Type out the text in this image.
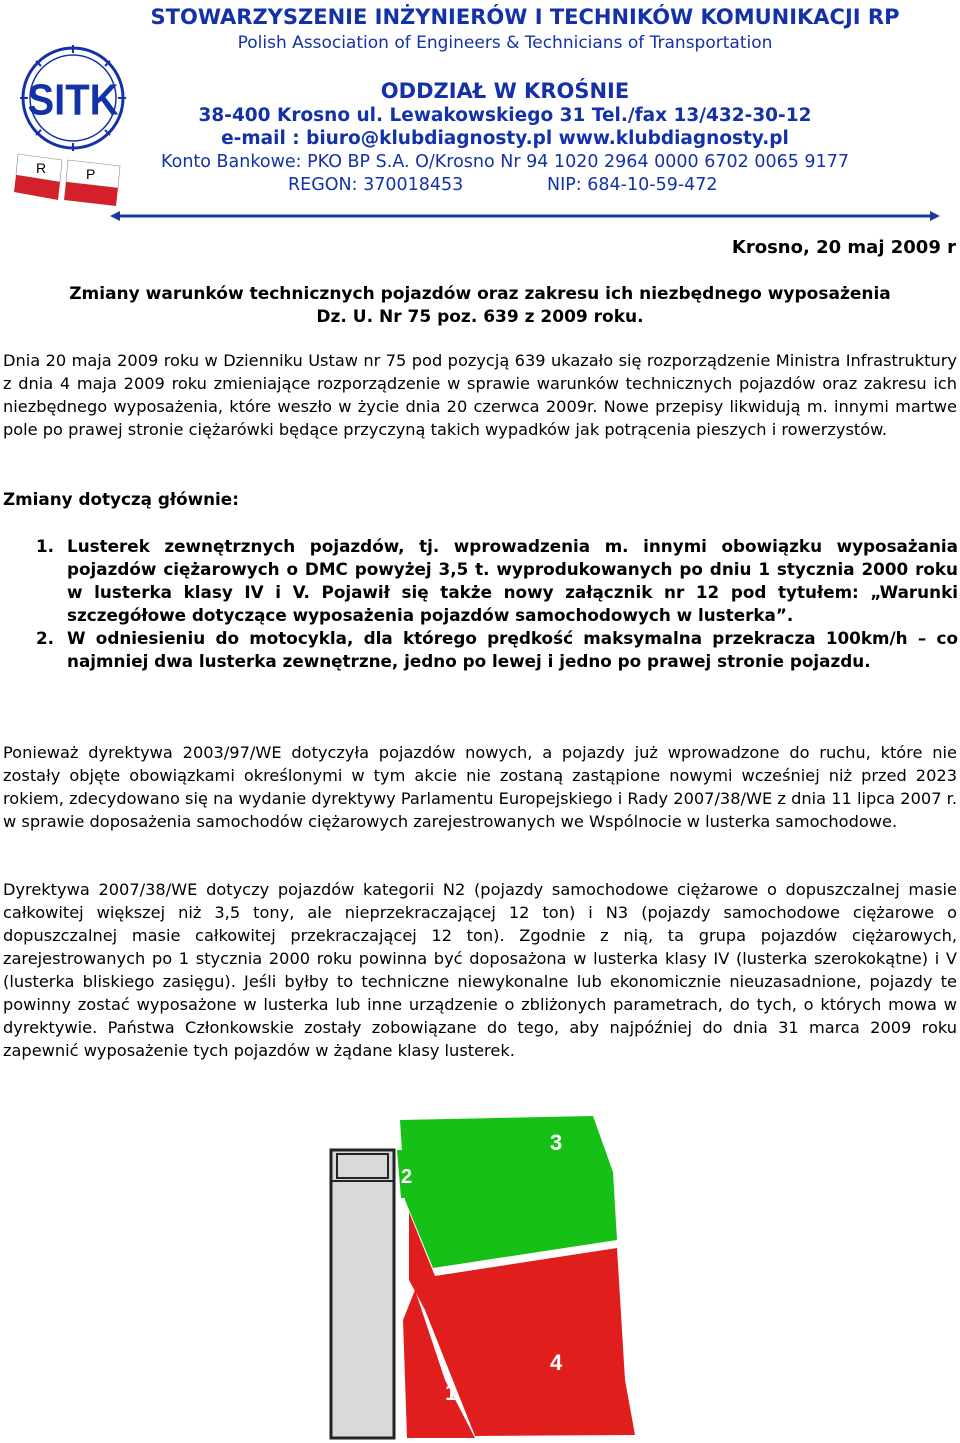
SITK
R	P
STOWARZYSZENIE INŻYNIERÓW I TECHNIKÓW KOMUNIKACJI RP
Polish Association of Engineers & Technicians of Transportation
ODDZIAŁ W KROŚNIE
38-400 Krosno ul. Lewakowskiego 31 Tel./fax 13/432-30-12
e-mail : biuro@klubdiagnosty.pl www.klubdiagnosty.pl
Konto Bankowe: PKO BP S.A. O/Krosno Nr 94 1020 2964 0000 6702 0065 9177
REGON: 370018453	NIP: 684-10-59-472
Krosno, 20 maj 2009 r
Zmiany warunków technicznych pojazdów oraz zakresu ich niezbędnego wyposażenia
Dz. U. Nr 75 poz. 639 z 2009 roku.
Dnia 20 maja 2009 roku w Dzienniku Ustaw nr 75 pod pozycją 639 ukazało się rozporządzenie Ministra Infrastruktury z dnia 4 maja 2009 roku zmieniające rozporządzenie w sprawie warunków technicznych pojazdów oraz zakresu ich niezbędnego wyposażenia, które weszło w życie dnia 20 czerwca 2009r. Nowe przepisy likwidują m. innymi martwe pole po prawej stronie ciężarówki będące przyczyną takich wypadków jak potrącenia pieszych i rowerzystów.
Zmiany dotyczą głównie:
1. Lusterek zewnętrznych pojazdów, tj. wprowadzenia m. innymi obowiązku wyposażania pojazdów ciężarowych o DMC powyżej 3,5 t. wyprodukowanych po dniu 1 stycznia 2000 roku w lusterka klasy IV i V. Pojawił się także nowy załącznik nr 12 pod tytułem: „Warunki szczegółowe dotyczące wyposażenia pojazdów samochodowych w lusterka”.
2. W odniesieniu do motocykla, dla którego prędkość maksymalna przekracza 100km/h – co najmniej dwa lusterka zewnętrzne, jedno po lewej i jedno po prawej stronie pojazdu.
Ponieważ dyrektywa 2003/97/WE dotyczyła pojazdów nowych, a pojazdy już wprowadzone do ruchu, które nie zostały objęte obowiązkami określonymi w tym akcie nie zostaną zastąpione nowymi wcześniej niż przed 2023 rokiem, zdecydowano się na wydanie dyrektywy Parlamentu Europejskiego i Rady 2007/38/WE z dnia 11 lipca 2007 r. w sprawie doposażenia samochodów ciężarowych zarejestrowanych we Wspólnocie w lusterka samochodowe.
Dyrektywa 2007/38/WE dotyczy pojazdów kategorii N2 (pojazdy samochodowe ciężarowe o dopuszczalnej masie całkowitej większej niż 3,5 tony, ale nieprzekraczającej 12 ton) i N3 (pojazdy samochodowe ciężarowe o dopuszczalnej masie całkowitej przekraczającej 12 ton). Zgodnie z nią, ta grupa pojazdów ciężarowych, zarejestrowanych po 1 stycznia 2000 roku powinna być doposażona w lusterka klasy IV (lusterka szerokokątne) i V (lusterka bliskiego zasięgu). Jeśli byłby to techniczne niewykonalne lub ekonomicznie nieuzasadnione, pojazdy te powinny zostać wyposażone w lusterka lub inne urządzenie o zbliżonych parametrach, do tych, o których mowa w dyrektywie. Państwa Członkowskie zostały zobowiązane do tego, aby najpóźniej do dnia 31 marca 2009 roku zapewnić wyposażenie tych pojazdów w żądane klasy lusterek.
2
3
4
1
